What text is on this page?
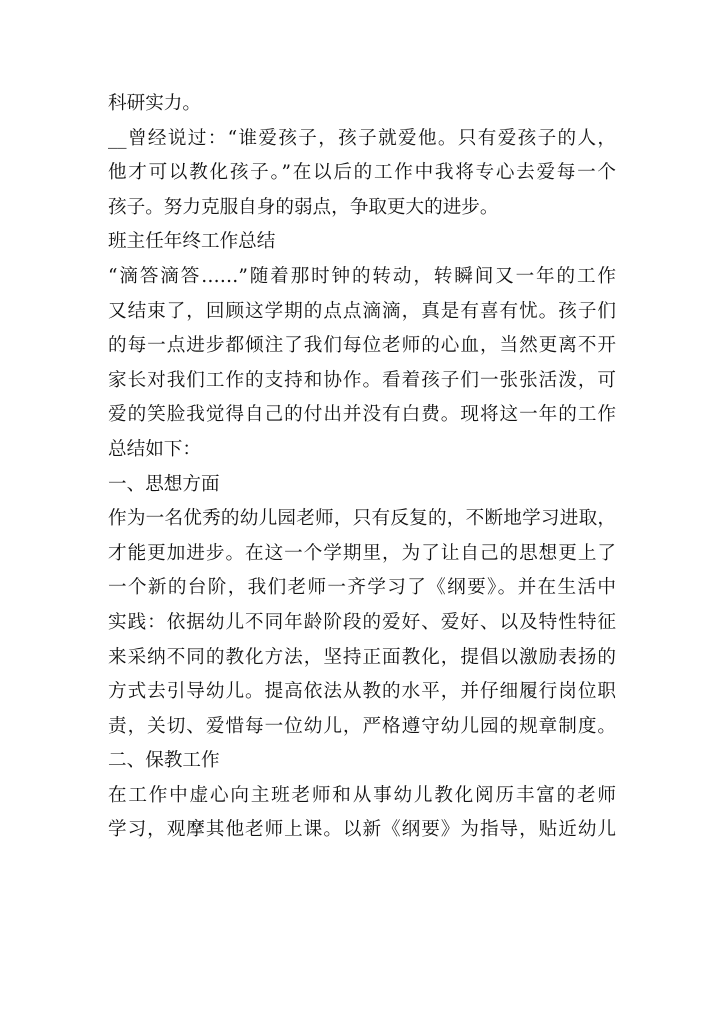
科研实力。
__曾经说过：“谁爱孩子，孩子就爱他。只有爱孩子的人，
他才可以教化孩子。”在以后的工作中我将专心去爱每一个
孩子。努力克服自身的弱点，争取更大的进步。
班主任年终工作总结
“滴答滴答……”随着那时钟的转动，转瞬间又一年的工作
又结束了，回顾这学期的点点滴滴，真是有喜有忧。孩子们
的每一点进步都倾注了我们每位老师的心血，当然更离不开
家长对我们工作的支持和协作。看着孩子们一张张活泼，可
爱的笑脸我觉得自己的付出并没有白费。现将这一年的工作
总结如下：
一、思想方面
作为一名优秀的幼儿园老师，只有反复的，不断地学习进取，
才能更加进步。在这一个学期里，为了让自己的思想更上了
一个新的台阶，我们老师一齐学习了《纲要》。并在生活中
实践：依据幼儿不同年龄阶段的爱好、爱好、以及特性特征
来采纳不同的教化方法，坚持正面教化，提倡以激励表扬的
方式去引导幼儿。提高依法从教的水平，并仔细履行岗位职
责，关切、爱惜每一位幼儿，严格遵守幼儿园的规章制度。
二、保教工作
在工作中虚心向主班老师和从事幼儿教化阅历丰富的老师
学习，观摩其他老师上课。以新《纲要》为指导，贴近幼儿
